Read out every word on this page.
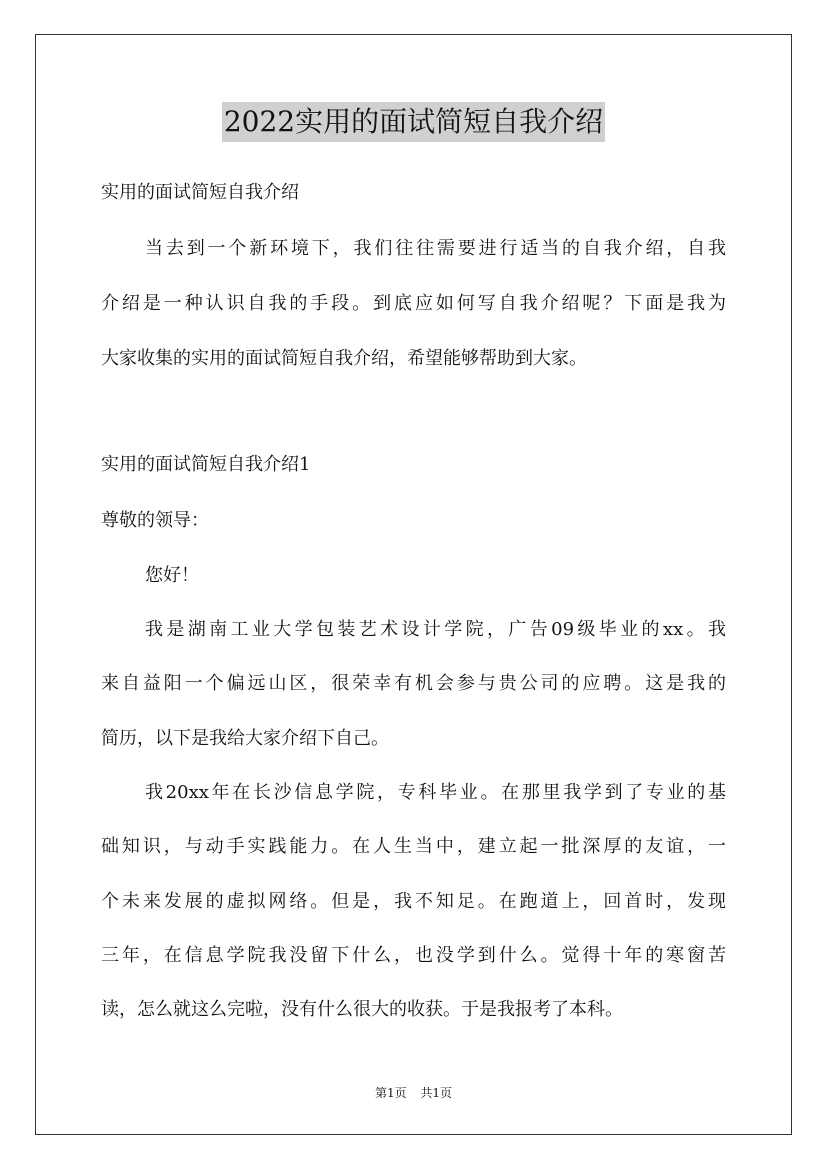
2022实用的面试简短自我介绍
实用的面试简短自我介绍
当去到一个新环境下，我们往往需要进行适当的自我介绍，自我
介绍是一种认识自我的手段。到底应如何写自我介绍呢？下面是我为
大家收集的实用的面试简短自我介绍，希望能够帮助到大家。
实用的面试简短自我介绍1
尊敬的领导：
您好！
我是湖南工业大学包装艺术设计学院，广告09级毕业的xx。我
来自益阳一个偏远山区，很荣幸有机会参与贵公司的应聘。这是我的
简历，以下是我给大家介绍下自己。
我20xx年在长沙信息学院，专科毕业。在那里我学到了专业的基
础知识，与动手实践能力。在人生当中，建立起一批深厚的友谊，一
个未来发展的虚拟网络。但是，我不知足。在跑道上，回首时，发现
三年，在信息学院我没留下什么，也没学到什么。觉得十年的寒窗苦
读，怎么就这么完啦，没有什么很大的收获。于是我报考了本科。
第1页 共1页
